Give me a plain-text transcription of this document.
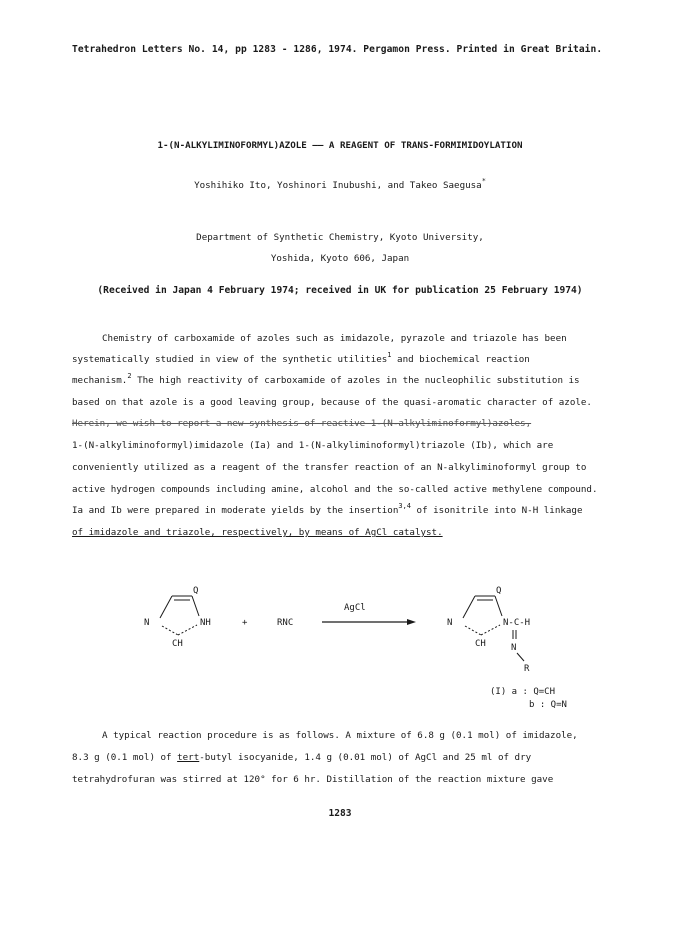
Tetrahedron Letters No. 14, pp 1283 - 1286, 1974. Pergamon Press. Printed in Great Britain.
1-(N-ALKYLIMINOFORMYL)AZOLE —— A REAGENT OF TRANS-FORMIMIDOYLATION
Yoshihiko Ito, Yoshinori Inubushi, and Takeo Saegusa*
Department of Synthetic Chemistry, Kyoto University,
Yoshida, Kyoto 606, Japan
(Received in Japan 4 February 1974; received in UK for publication 25 February 1974)
Chemistry of carboxamide of azoles such as imidazole, pyrazole and triazole has been
systematically studied in view of the synthetic utilities$^1$ and biochemical reaction
mechanism.$^2$ The high reactivity of carboxamide of azoles in the nucleophilic substitution is
based on that azole is a good leaving group, because of the quasi-aromatic character of azole.
Herein, we wish to report a new synthesis of reactive 1-(N-alkyliminoformyl)azoles,
1-(N-alkyliminoformyl)imidazole (Ia) and 1-(N-alkyliminoformyl)triazole (Ib), which are
conveniently utilized as a reagent of the transfer reaction of an N-alkyliminoformyl group to
active hydrogen compounds including amine, alcohol and the so-called active methylene compound.
Ia and Ib were prepared in moderate yields by the insertion$^{3,4}$ of isonitrile into N-H linkage
of imidazole and triazole, respectively, by means of AgCl catalyst.
Q
N	NH
CH
+	RNC
AgCl
Q
N	N-C-H
CH	N
R
(I) a : Q=CH
b : Q=N
A typical reaction procedure is as follows. A mixture of 6.8 g (0.1 mol) of imidazole,
8.3 g (0.1 mol) of tert-butyl isocyanide, 1.4 g (0.01 mol) of AgCl and 25 ml of dry
tetrahydrofuran was stirred at 120° for 6 hr. Distillation of the reaction mixture gave
1283
